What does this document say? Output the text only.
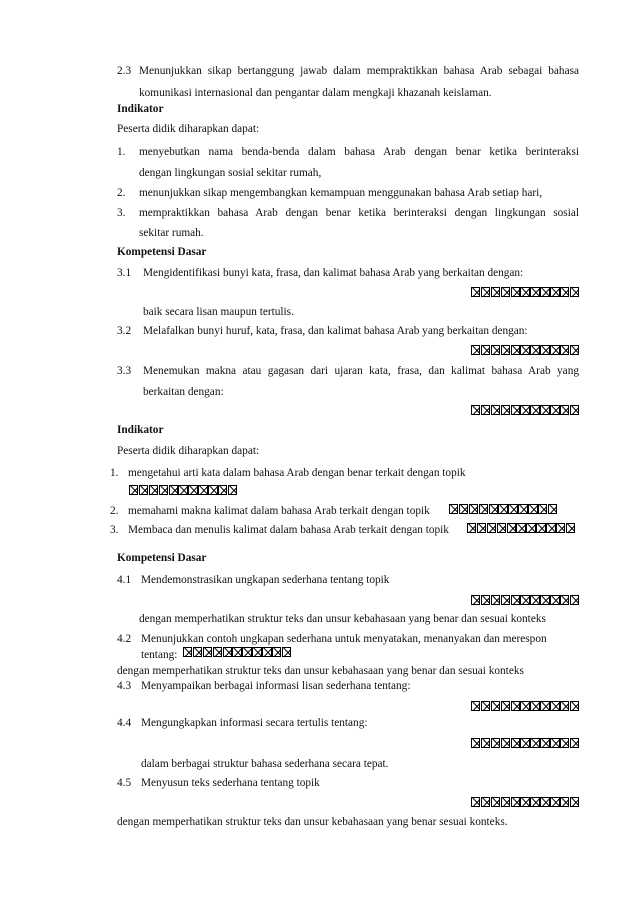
2.3 Menunjukkan sikap bertanggung jawab dalam mempraktikkan bahasa Arab sebagai bahasa
komunikasi internasional dan pengantar dalam mengkaji khazanah keislaman.
Indikator
Peserta didik diharapkan dapat:
1. menyebutkan nama benda-benda dalam bahasa Arab dengan benar ketika berinteraksi
dengan lingkungan sosial sekitar rumah,
2. menunjukkan sikap mengembangkan kemampuan menggunakan bahasa Arab setiap hari,
3. mempraktikkan bahasa Arab dengan benar ketika berinteraksi dengan lingkungan sosial
sekitar rumah.
Kompetensi Dasar
3.1 Mengidentifikasi bunyi kata, frasa, dan kalimat bahasa Arab yang berkaitan dengan:
baik secara lisan maupun tertulis.
3.2 Melafalkan bunyi huruf, kata, frasa, dan kalimat bahasa Arab yang berkaitan dengan:
3.3 Menemukan makna atau gagasan dari ujaran kata, frasa, dan kalimat bahasa Arab yang
berkaitan dengan:
Indikator
Peserta didik diharapkan dapat:
1. mengetahui arti kata dalam bahasa Arab dengan benar terkait dengan topik
2. memahami makna kalimat dalam bahasa Arab terkait dengan topik
3. Membaca dan menulis kalimat dalam bahasa Arab terkait dengan topik
Kompetensi Dasar
4.1 Mendemonstrasikan ungkapan sederhana tentang topik
dengan memperhatikan struktur teks dan unsur kebahasaan yang benar dan sesuai konteks
4.2 Menunjukkan contoh ungkapan sederhana untuk menyatakan, menanyakan dan merespon
tentang:
dengan memperhatikan struktur teks dan unsur kebahasaan yang benar dan sesuai konteks
4.3 Menyampaikan berbagai informasi lisan sederhana tentang:
4.4 Mengungkapkan informasi secara tertulis tentang:
dalam berbagai struktur bahasa sederhana secara tepat.
4.5 Menyusun teks sederhana tentang topik
dengan memperhatikan struktur teks dan unsur kebahasaan yang benar sesuai konteks.
